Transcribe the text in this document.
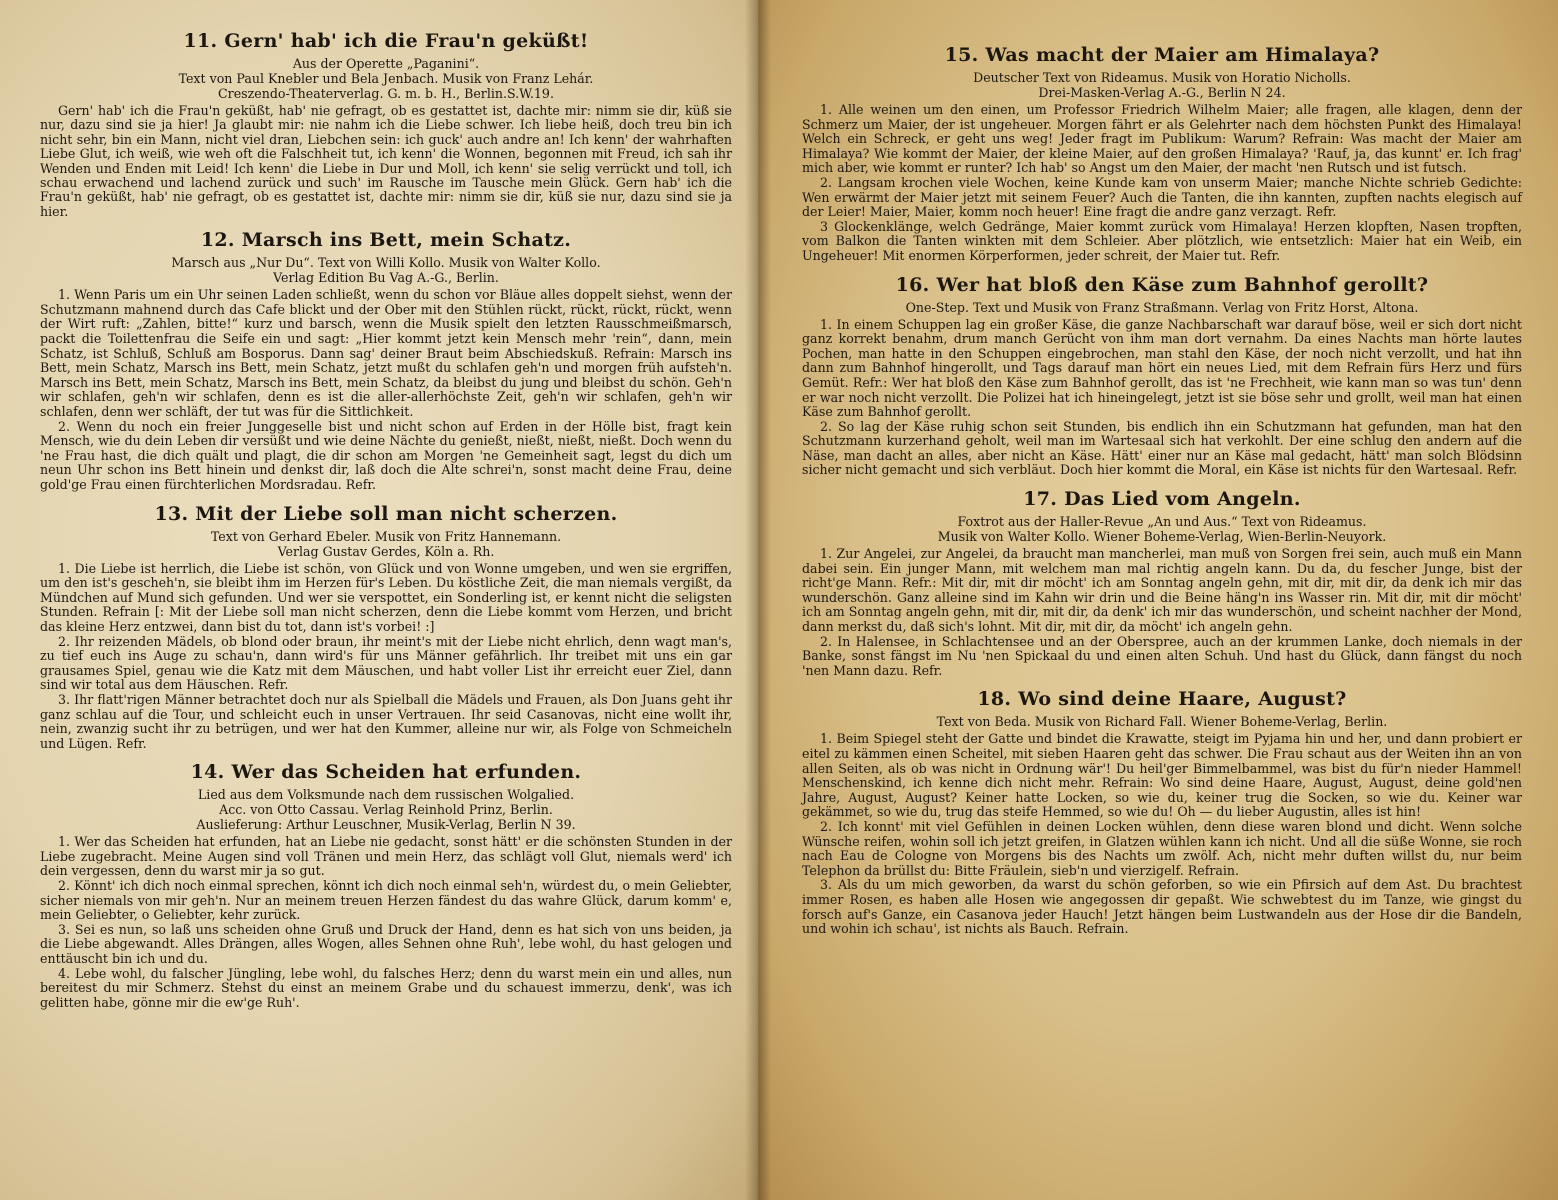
11. Gern' hab' ich die Frau'n geküßt!
Aus der Operette „Paganini“.
Text von Paul Knebler und Bela Jenbach. Musik von Franz Lehár.
Creszendo-Theaterverlag. G. m. b. H., Berlin.S.W.19.

Gern' hab' ich die Frau'n geküßt, hab' nie gefragt, ob es gestattet ist, dachte mir: nimm sie dir, küß sie nur, dazu sind sie ja hier! Ja glaubt mir: nie nahm ich die Liebe schwer. Ich liebe heiß, doch treu bin ich nicht sehr, bin ein Mann, nicht viel dran, Liebchen sein: ich guck' auch andre an! Ich kenn' der wahrhaften Liebe Glut, ich weiß, wie weh oft die Falschheit tut, ich kenn' die Wonnen, begonnen mit Freud, ich sah ihr Wenden und Enden mit Leid! Ich kenn' die Liebe in Dur und Moll, ich kenn' sie selig verrückt und toll, ich schau erwachend und lachend zurück und such' im Rausche im Tausche mein Glück. Gern hab' ich die Frau'n geküßt, hab' nie gefragt, ob es gestattet ist, dachte mir: nimm sie dir, küß sie nur, dazu sind sie ja hier.

12. Marsch ins Bett, mein Schatz.
Marsch aus „Nur Du“. Text von Willi Kollo. Musik von Walter Kollo.
Verlag Edition Bu Vag A.-G., Berlin.

1. Wenn Paris um ein Uhr seinen Laden schließt, wenn du schon vor Bläue alles doppelt siehst, wenn der Schutzmann mahnend durch das Cafe blickt und der Ober mit den Stühlen rückt, rückt, rückt, rückt, wenn der Wirt ruft: „Zahlen, bitte!“ kurz und barsch, wenn die Musik spielt den letzten Rausschmeißmarsch, packt die Toilettenfrau die Seife ein und sagt: „Hier kommt jetzt kein Mensch mehr 'rein“, dann, mein Schatz, ist Schluß, Schluß am Bosporus. Dann sag' deiner Braut beim Abschiedskuß. Refrain: Marsch ins Bett, mein Schatz, Marsch ins Bett, mein Schatz, jetzt mußt du schlafen geh'n und morgen früh aufsteh'n. Marsch ins Bett, mein Schatz, Marsch ins Bett, mein Schatz, da bleibst du jung und bleibst du schön. Geh'n wir schlafen, geh'n wir schlafen, denn es ist die aller-allerhöchste Zeit, geh'n wir schlafen, geh'n wir schlafen, denn wer schläft, der tut was für die Sittlichkeit.

2. Wenn du noch ein freier Junggeselle bist und nicht schon auf Erden in der Hölle bist, fragt kein Mensch, wie du dein Leben dir versüßt und wie deine Nächte du genießt, nießt, nießt, nießt. Doch wenn du 'ne Frau hast, die dich quält und plagt, die dir schon am Morgen 'ne Gemeinheit sagt, legst du dich um neun Uhr schon ins Bett hinein und denkst dir, laß doch die Alte schrei'n, sonst macht deine Frau, deine gold'ge Frau einen fürchterlichen Mordsradau. Refr.

13. Mit der Liebe soll man nicht scherzen.
Text von Gerhard Ebeler. Musik von Fritz Hannemann.
Verlag Gustav Gerdes, Köln a. Rh.

1. Die Liebe ist herrlich, die Liebe ist schön, von Glück und von Wonne umgeben, und wen sie ergriffen, um den ist's gescheh'n, sie bleibt ihm im Herzen für's Leben. Du köstliche Zeit, die man niemals vergißt, da Mündchen auf Mund sich gefunden. Und wer sie verspottet, ein Sonderling ist, er kennt nicht die seligsten Stunden. Refrain [: Mit der Liebe soll man nicht scherzen, denn die Liebe kommt vom Herzen, und bricht das kleine Herz entzwei, dann bist du tot, dann ist's vorbei! :]

2. Ihr reizenden Mädels, ob blond oder braun, ihr meint's mit der Liebe nicht ehrlich, denn wagt man's, zu tief euch ins Auge zu schau'n, dann wird's für uns Männer gefährlich. Ihr treibet mit uns ein gar grausames Spiel, genau wie die Katz mit dem Mäuschen, und habt voller List ihr erreicht euer Ziel, dann sind wir total aus dem Häuschen. Refr.

3. Ihr flatt'rigen Männer betrachtet doch nur als Spielball die Mädels und Frauen, als Don Juans geht ihr ganz schlau auf die Tour, und schleicht euch in unser Vertrauen. Ihr seid Casanovas, nicht eine wollt ihr, nein, zwanzig sucht ihr zu betrügen, und wer hat den Kummer, alleine nur wir, als Folge von Schmeicheln und Lügen. Refr.

14. Wer das Scheiden hat erfunden.
Lied aus dem Volksmunde nach dem russischen Wolgalied.
Acc. von Otto Cassau. Verlag Reinhold Prinz, Berlin.
Auslieferung: Arthur Leuschner, Musik-Verlag, Berlin N 39.

1. Wer das Scheiden hat erfunden, hat an Liebe nie gedacht, sonst hätt' er die schönsten Stunden in der Liebe zugebracht. Meine Augen sind voll Tränen und mein Herz, das schlägt voll Glut, niemals werd' ich dein vergessen, denn du warst mir ja so gut.

2. Könnt' ich dich noch einmal sprechen, könnt ich dich noch einmal seh'n, würdest du, o mein Geliebter, sicher niemals von mir geh'n. Nur an meinem treuen Herzen fändest du das wahre Glück, darum komm' e, mein Geliebter, o Geliebter, kehr zurück.

3. Sei es nun, so laß uns scheiden ohne Gruß und Druck der Hand, denn es hat sich von uns beiden, ja die Liebe abgewandt. Alles Drängen, alles Wogen, alles Sehnen ohne Ruh', lebe wohl, du hast gelogen und enttäuscht bin ich und du.

4. Lebe wohl, du falscher Jüngling, lebe wohl, du falsches Herz; denn du warst mein ein und alles, nun bereitest du mir Schmerz. Stehst du einst an meinem Grabe und du schauest immerzu, denk', was ich gelitten habe, gönne mir die ew'ge Ruh'.

15. Was macht der Maier am Himalaya?
Deutscher Text von Rideamus. Musik von Horatio Nicholls.
Drei-Masken-Verlag A.-G., Berlin N 24.

1. Alle weinen um den einen, um Professor Friedrich Wilhelm Maier; alle fragen, alle klagen, denn der Schmerz um Maier, der ist ungeheuer. Morgen fährt er als Gelehrter nach dem höchsten Punkt des Himalaya! Welch ein Schreck, er geht uns weg! Jeder fragt im Publikum: Warum? Refrain: Was macht der Maier am Himalaya? Wie kommt der Maier, der kleine Maier, auf den großen Himalaya? 'Rauf, ja, das kunnt' er. Ich frag' mich aber, wie kommt er runter? Ich hab' so Angst um den Maier, der macht 'nen Rutsch und ist futsch.

2. Langsam krochen viele Wochen, keine Kunde kam von unserm Maier; manche Nichte schrieb Gedichte: Wen erwärmt der Maier jetzt mit seinem Feuer? Auch die Tanten, die ihn kannten, zupften nachts elegisch auf der Leier! Maier, Maier, komm noch heuer! Eine fragt die andre ganz verzagt. Refr.

3 Glockenklänge, welch Gedränge, Maier kommt zurück vom Himalaya! Herzen klopften, Nasen tropften, vom Balkon die Tanten winkten mit dem Schleier. Aber plötzlich, wie entsetzlich: Maier hat ein Weib, ein Ungeheuer! Mit enormen Körperformen, jeder schreit, der Maier tut. Refr.

16. Wer hat bloß den Käse zum Bahnhof gerollt?
One-Step. Text und Musik von Franz Straßmann. Verlag von Fritz Horst, Altona.

1. In einem Schuppen lag ein großer Käse, die ganze Nachbarschaft war darauf böse, weil er sich dort nicht ganz korrekt benahm, drum manch Gerücht von ihm man dort vernahm. Da eines Nachts man hörte lautes Pochen, man hatte in den Schuppen eingebrochen, man stahl den Käse, der noch nicht verzollt, und hat ihn dann zum Bahnhof hingerollt, und Tags darauf man hört ein neues Lied, mit dem Refrain fürs Herz und fürs Gemüt. Refr.: Wer hat bloß den Käse zum Bahnhof gerollt, das ist 'ne Frechheit, wie kann man so was tun' denn er war noch nicht verzollt. Die Polizei hat ich hineingelegt, jetzt ist sie böse sehr und grollt, weil man hat einen Käse zum Bahnhof gerollt.

2. So lag der Käse ruhig schon seit Stunden, bis endlich ihn ein Schutzmann hat gefunden, man hat den Schutzmann kurzerhand geholt, weil man im Wartesaal sich hat verkohlt. Der eine schlug den andern auf die Näse, man dacht an alles, aber nicht an Käse. Hätt' einer nur an Käse mal gedacht, hätt' man solch Blödsinn sicher nicht gemacht und sich verbläut. Doch hier kommt die Moral, ein Käse ist nichts für den Wartesaal. Refr.

17. Das Lied vom Angeln.
Foxtrot aus der Haller-Revue „An und Aus.“ Text von Rideamus.
Musik von Walter Kollo. Wiener Boheme-Verlag, Wien-Berlin-Neuyork.

1. Zur Angelei, zur Angelei, da braucht man mancherlei, man muß von Sorgen frei sein, auch muß ein Mann dabei sein. Ein junger Mann, mit welchem man mal richtig angeln kann. Du da, du fescher Junge, bist der richt'ge Mann. Refr.: Mit dir, mit dir möcht' ich am Sonntag angeln gehn, mit dir, mit dir, da denk ich mir das wunderschön. Ganz alleine sind im Kahn wir drin und die Beine häng'n ins Wasser rin. Mit dir, mit dir möcht' ich am Sonntag angeln gehn, mit dir, mit dir, da denk' ich mir das wunderschön, und scheint nachher der Mond, dann merkst du, daß sich's lohnt. Mit dir, mit dir, da möcht' ich angeln gehn.

2. In Halensee, in Schlachtensee und an der Oberspree, auch an der krummen Lanke, doch niemals in der Banke, sonst fängst im Nu 'nen Spickaal du und einen alten Schuh. Und hast du Glück, dann fängst du noch 'nen Mann dazu. Refr.

18. Wo sind deine Haare, August?
Text von Beda. Musik von Richard Fall. Wiener Boheme-Verlag, Berlin.

1. Beim Spiegel steht der Gatte und bindet die Krawatte, steigt im Pyjama hin und her, und dann probiert er eitel zu kämmen einen Scheitel, mit sieben Haaren geht das schwer. Die Frau schaut aus der Weiten ihn an von allen Seiten, als ob was nicht in Ordnung wär'! Du heil'ger Bimmelbammel, was bist du für'n nieder Hammel! Menschenskind, ich kenne dich nicht mehr. Refrain: Wo sind deine Haare, August, August, deine gold'nen Jahre, August, August? Keiner hatte Locken, so wie du, keiner trug die Socken, so wie du. Keiner war gekämmet, so wie du, trug das steife Hemmed, so wie du! Oh — du lieber Augustin, alles ist hin!

2. Ich konnt' mit viel Gefühlen in deinen Locken wühlen, denn diese waren blond und dicht. Wenn solche Wünsche reifen, wohin soll ich jetzt greifen, in Glatzen wühlen kann ich nicht. Und all die süße Wonne, sie roch nach Eau de Cologne von Morgens bis des Nachts um zwölf. Ach, nicht mehr duften willst du, nur beim Telephon da brüllst du: Bitte Fräulein, sieb'n und vierzigelf. Refrain.

3. Als du um mich geworben, da warst du schön geforben, so wie ein Pfirsich auf dem Ast. Du brachtest immer Rosen, es haben alle Hosen wie angegossen dir gepaßt. Wie schwebtest du im Tanze, wie gingst du forsch auf's Ganze, ein Casanova jeder Hauch! Jetzt hängen beim Lustwandeln aus der Hose dir die Bandeln, und wohin ich schau', ist nichts als Bauch. Refrain.
